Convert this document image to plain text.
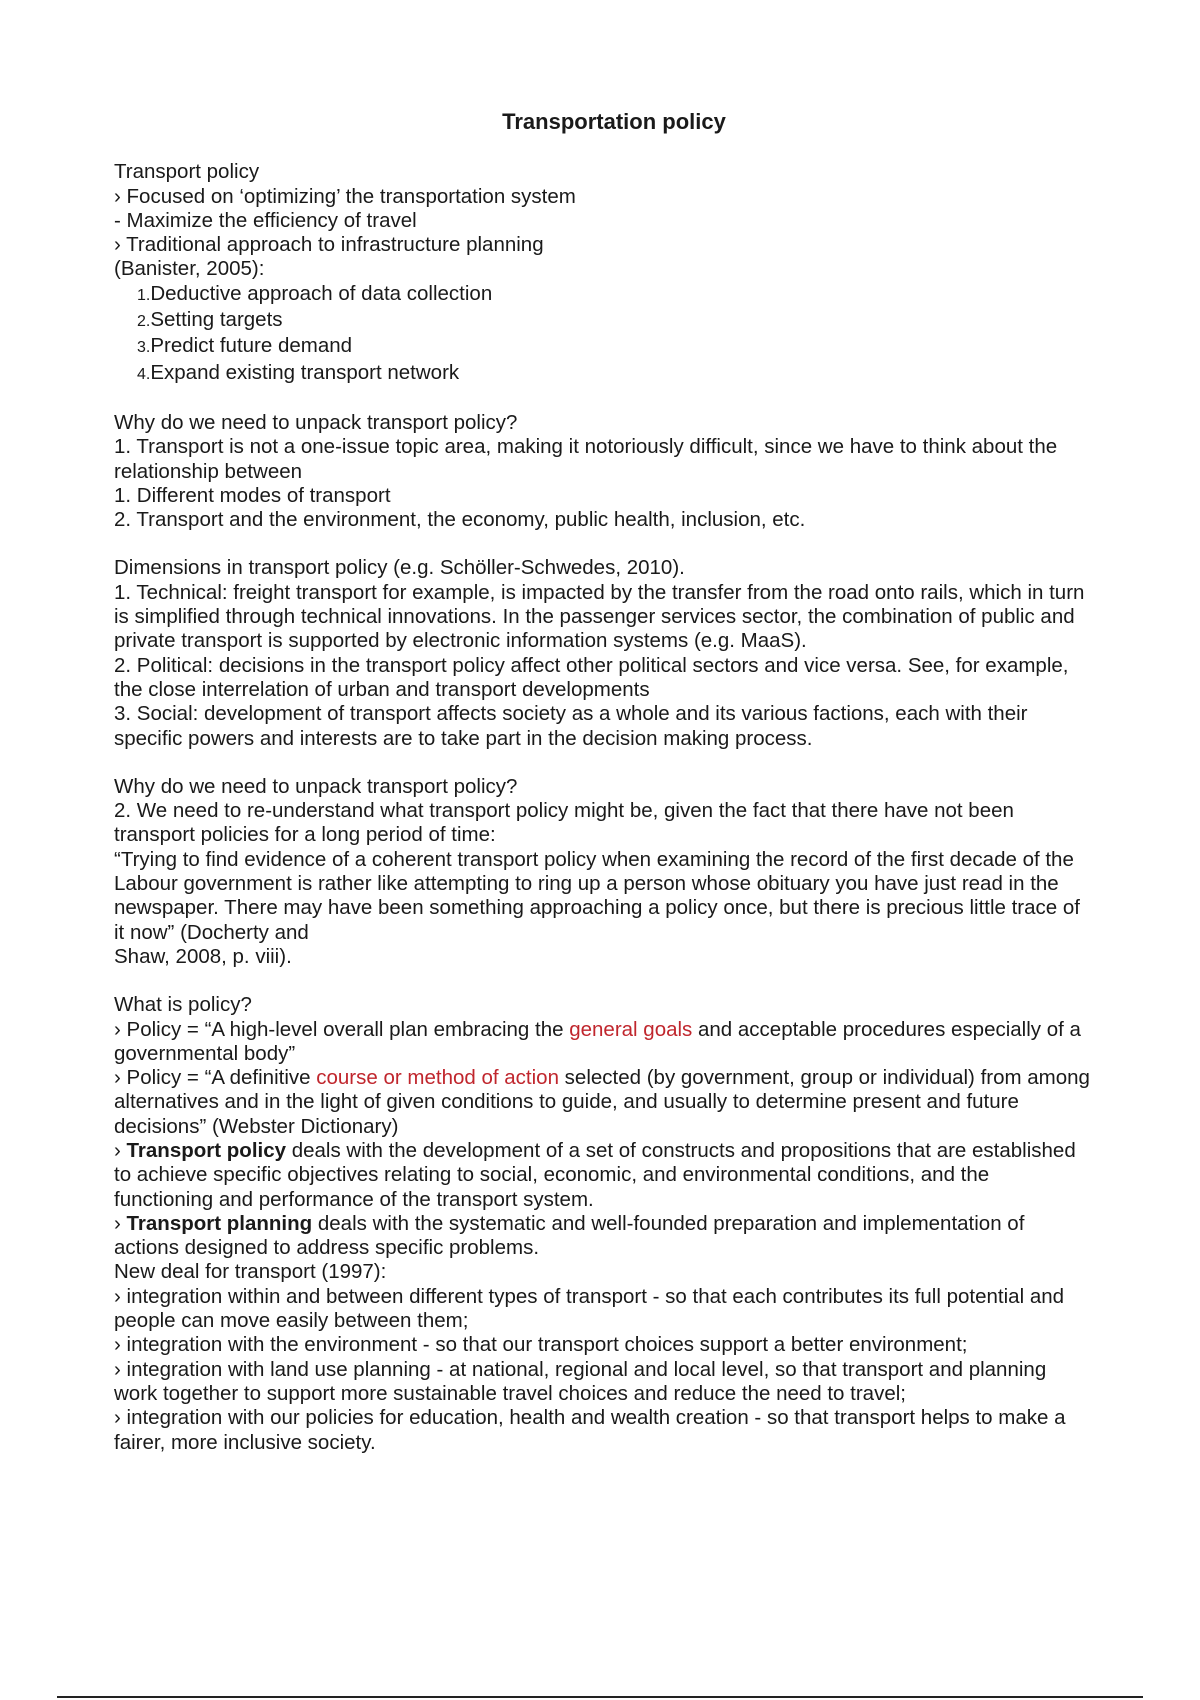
Transportation policy

Transport policy

› Focused on ‘optimizing’ the transportation system

- Maximize the efficiency of travel

› Traditional approach to infrastructure planning

(Banister, 2005):

1.Deductive approach of data collection

2.Setting targets

3.Predict future demand

4.Expand existing transport network

Why do we need to unpack transport policy?

1. Transport is not a one-issue topic area, making it notoriously difficult, since we have to think about the relationship between

1. Different modes of transport

2. Transport and the environment, the economy, public health, inclusion, etc.

Dimensions in transport policy (e.g. Schöller-Schwedes, 2010).

1. Technical: freight transport for example, is impacted by the transfer from the road onto rails, which in turn is simplified through technical innovations. In the passenger services sector, the combination of public and private transport is supported by electronic information systems (e.g. MaaS).

2. Political: decisions in the transport policy affect other political sectors and vice versa. See, for example, the close interrelation of urban and transport developments

3. Social: development of transport affects society as a whole and its various factions, each with their specific powers and interests are to take part in the decision making process.

Why do we need to unpack transport policy?

2. We need to re-understand what transport policy might be, given the fact that there have not been transport policies for a long period of time:

“Trying to find evidence of a coherent transport policy when examining the record of the first decade of the Labour government is rather like attempting to ring up a person whose obituary you have just read in the newspaper. There may have been something approaching a policy once, but there is precious little trace of it now” (Docherty and

Shaw, 2008, p. viii).

What is policy?

› Policy = “A high-level overall plan embracing the general goals and acceptable procedures especially of a governmental body”

› Policy = “A definitive course or method of action selected (by government, group or individual) from among alternatives and in the light of given conditions to guide, and usually to determine present and future decisions” (Webster Dictionary)

› Transport policy deals with the development of a set of constructs and propositions that are established to achieve specific objectives relating to social, economic, and environmental conditions, and the functioning and performance of the transport system.

› Transport planning deals with the systematic and well-founded preparation and implementation of actions designed to address specific problems.

New deal for transport (1997):

› integration within and between different types of transport - so that each contributes its full potential and people can move easily between them;

› integration with the environment - so that our transport choices support a better environment;

› integration with land use planning - at national, regional and local level, so that transport and planning work together to support more sustainable travel choices and reduce the need to travel;

› integration with our policies for education, health and wealth creation - so that transport helps to make a fairer, more inclusive society.
